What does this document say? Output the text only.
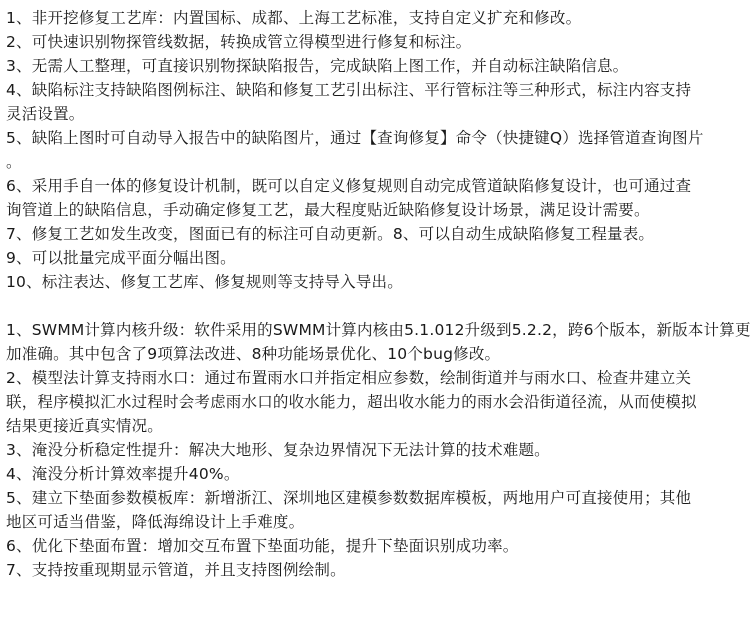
1、非开挖修复工艺库：内置国标、成都、上海工艺标准，支持自定义扩充和修改。
2、可快速识别物探管线数据，转换成管立得模型进行修复和标注。
3、无需人工整理，可直接识别物探缺陷报告，完成缺陷上图工作，并自动标注缺陷信息。
4、缺陷标注支持缺陷图例标注、缺陷和修复工艺引出标注、平行管标注等三种形式，标注内容支持
灵活设置。
5、缺陷上图时可自动导入报告中的缺陷图片，通过【查询修复】命令（快捷键Q）选择管道查询图片
。
6、采用手自一体的修复设计机制，既可以自定义修复规则自动完成管道缺陷修复设计，也可通过查
询管道上的缺陷信息，手动确定修复工艺，最大程度贴近缺陷修复设计场景，满足设计需要。
7、修复工艺如发生改变，图面已有的标注可自动更新。8、可以自动生成缺陷修复工程量表。
9、可以批量完成平面分幅出图。
10、标注表达、修复工艺库、修复规则等支持导入导出。
1、SWMM计算内核升级：软件采用的SWMM计算内核由5.1.012升级到5.2.2，跨6个版本，新版本计算更
加准确。其中包含了9项算法改进、8种功能场景优化、10个bug修改。
2、模型法计算支持雨水口：通过布置雨水口并指定相应参数，绘制街道并与雨水口、检查井建立关
联，程序模拟汇水过程时会考虑雨水口的收水能力，超出收水能力的雨水会沿街道径流，从而使模拟
结果更接近真实情况。
3、淹没分析稳定性提升：解决大地形、复杂边界情况下无法计算的技术难题。
4、淹没分析计算效率提升40%。
5、建立下垫面参数模板库：新增浙江、深圳地区建模参数数据库模板，两地用户可直接使用；其他
地区可适当借鉴，降低海绵设计上手难度。
6、优化下垫面布置：增加交互布置下垫面功能，提升下垫面识别成功率。
7、支持按重现期显示管道，并且支持图例绘制。
